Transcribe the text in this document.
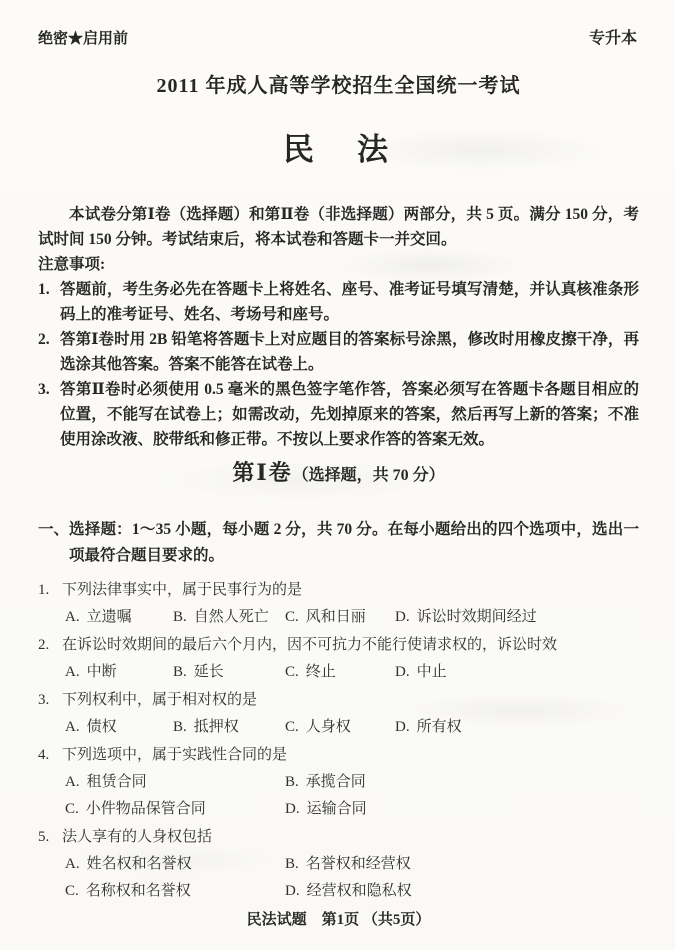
绝密★启用前	专升本
2011 年成人高等学校招生全国统一考试
民　法

本试卷分第Ⅰ卷（选择题）和第Ⅱ卷（非选择题）两部分，共 5 页。满分 150 分，考试时间 150 分钟。考试结束后，将本试卷和答题卡一并交回。

注意事项:
1. 答题前，考生务必先在答题卡上将姓名、座号、准考证号填写清楚，并认真核准条形码上的准考证号、姓名、考场号和座号。
2. 答第Ⅰ卷时用 2B 铅笔将答题卡上对应题目的答案标号涂黑，修改时用橡皮擦干净，再选涂其他答案。答案不能答在试卷上。
3. 答第Ⅱ卷时必须使用 0.5 毫米的黑色签字笔作答，答案必须写在答题卡各题目相应的位置，不能写在试卷上；如需改动，先划掉原来的答案，然后再写上新的答案；不准使用涂改液、胶带纸和修正带。不按以上要求作答的答案无效。
第Ⅰ卷（选择题，共 70 分）
一、 选择题：1～35 小题，每小题 2 分，共 70 分。在每小题给出的四个选项中，选出一项最符合题目要求的。
1. 下列法律事实中，属于民事行为的是
A. 立遗嘱	B. 自然人死亡	C. 风和日丽	D. 诉讼时效期间经过
2. 在诉讼时效期间的最后六个月内，因不可抗力不能行使请求权的，诉讼时效
A. 中断	B. 延长	C. 终止	D. 中止
3. 下列权利中，属于相对权的是
A. 债权	B. 抵押权	C. 人身权	D. 所有权
4. 下列选项中，属于实践性合同的是
A. 租赁合同	B. 承揽合同
C. 小件物品保管合同	D. 运输合同
5. 法人享有的人身权包括
A. 姓名权和名誉权	B. 名誉权和经营权
C. 名称权和名誉权	D. 经营权和隐私权
民法试题　第1页 （共5页）
